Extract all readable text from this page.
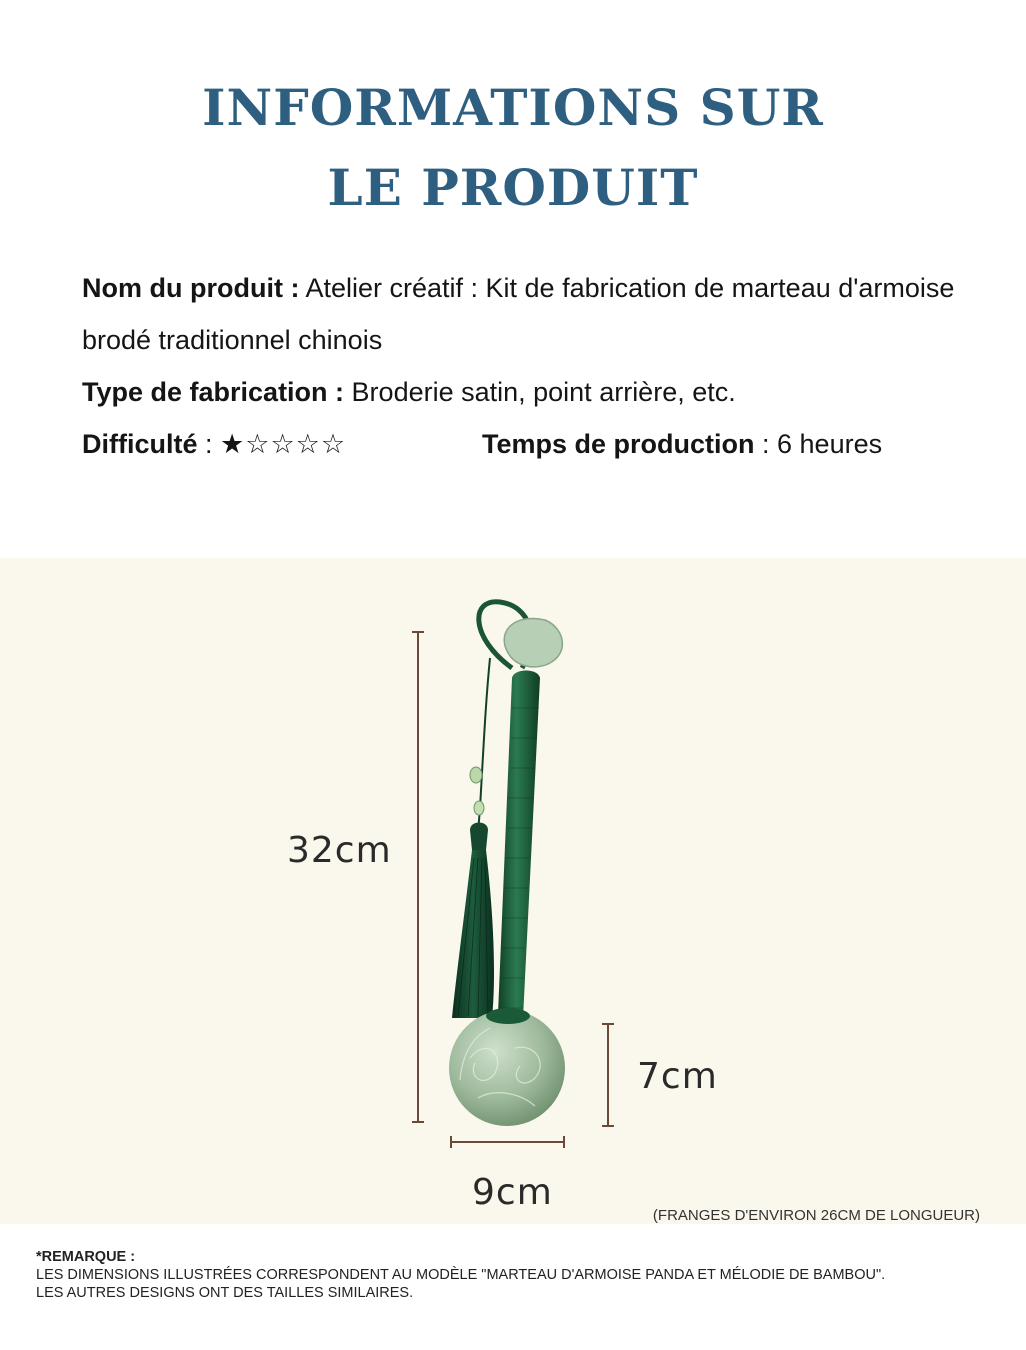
INFORMATIONS SUR
LE PRODUIT
Nom du produit : Atelier créatif : Kit de fabrication de marteau d'armoise brodé traditionnel chinois
Type de fabrication : Broderie satin, point arrière, etc.
Difficulté : ★☆☆☆☆	Temps de production : 6 heures
32cm
7cm
9cm
(FRANGES D'ENVIRON 26CM DE LONGUEUR)
*REMARQUE :
LES DIMENSIONS ILLUSTRÉES CORRESPONDENT AU MODÈLE "MARTEAU D'ARMOISE PANDA ET MÉLODIE DE BAMBOU".
LES AUTRES DESIGNS ONT DES TAILLES SIMILAIRES.
